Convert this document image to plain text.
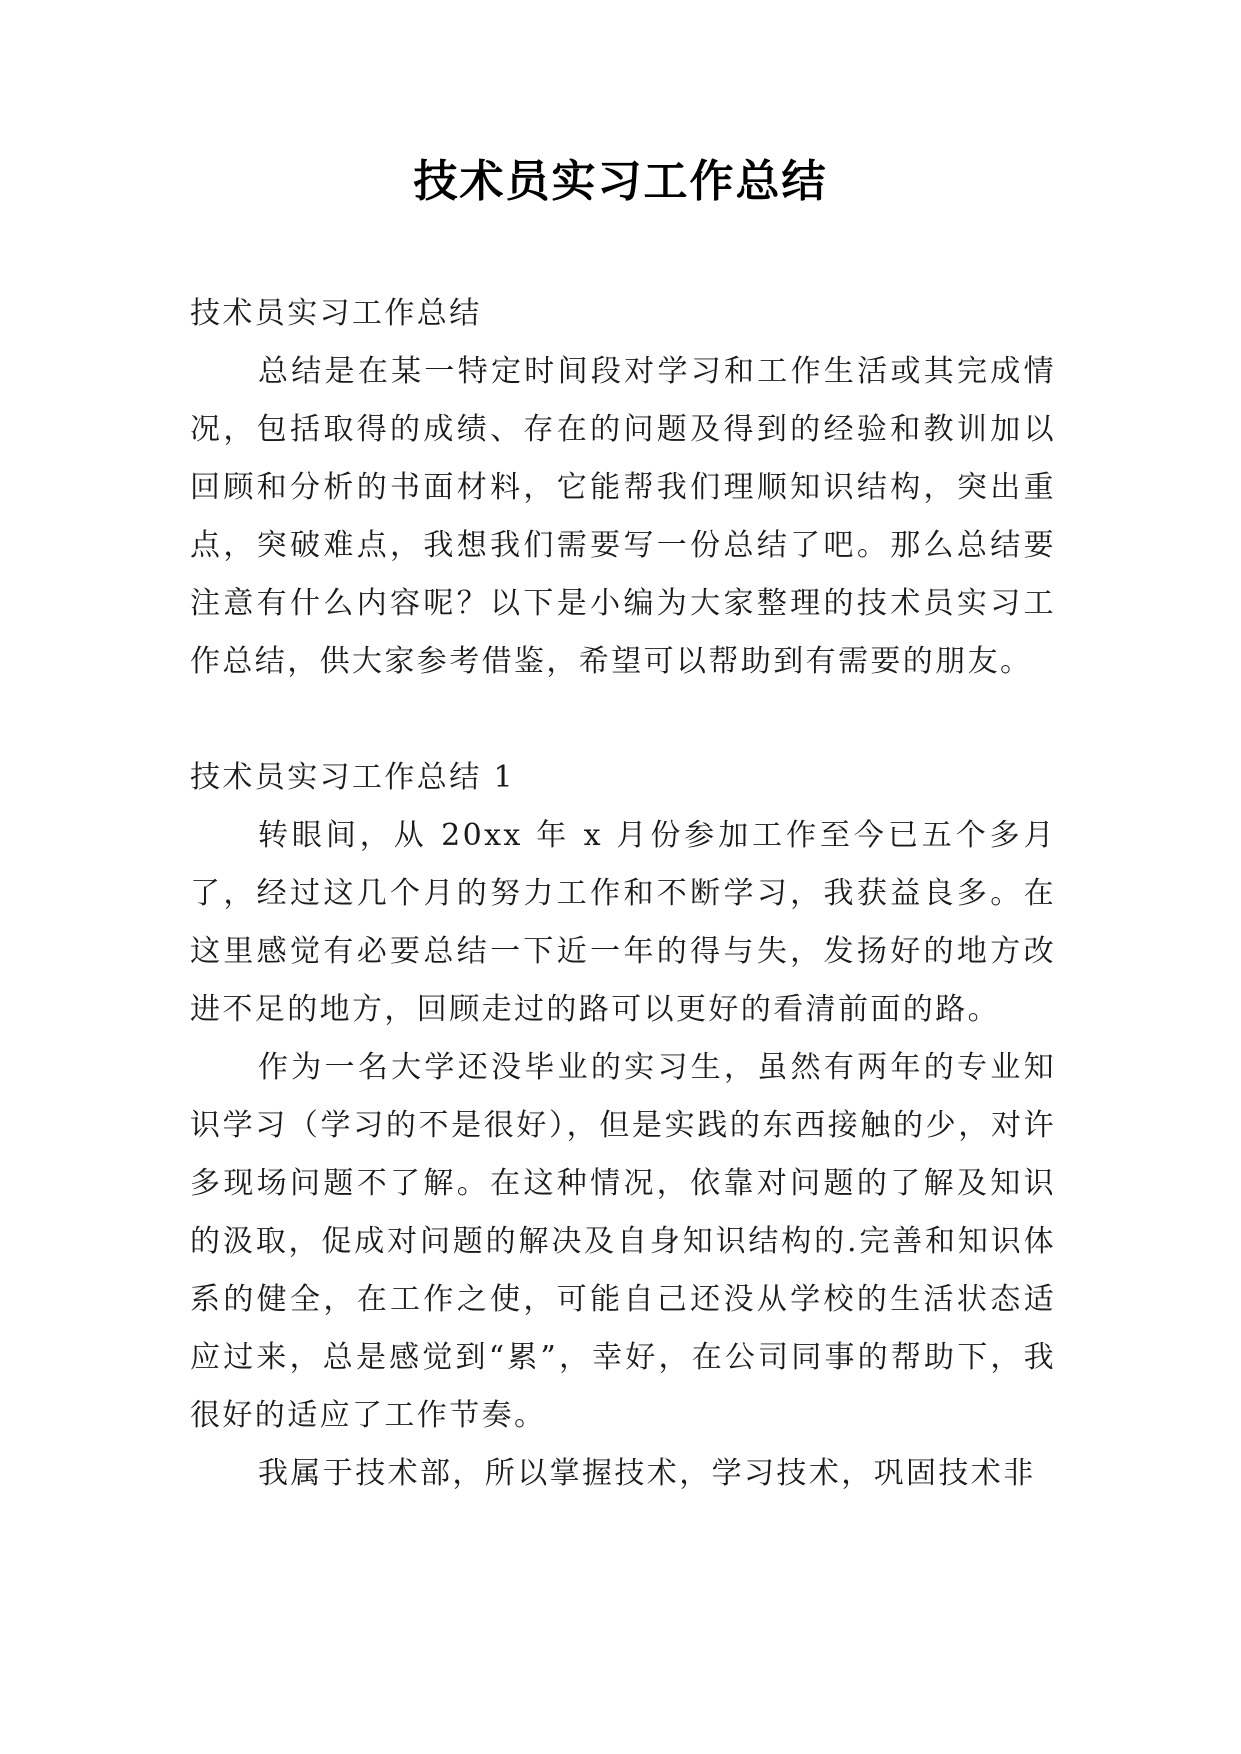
技术员实习工作总结

技术员实习工作总结

总结是在某一特定时间段对学习和工作生活或其完成情况，包括取得的成绩、存在的问题及得到的经验和教训加以回顾和分析的书面材料，它能帮我们理顺知识结构，突出重点，突破难点，我想我们需要写一份总结了吧。那么总结要注意有什么内容呢？以下是小编为大家整理的技术员实习工作总结，供大家参考借鉴，希望可以帮助到有需要的朋友。

技术员实习工作总结 1

转眼间，从 20xx 年 x 月份参加工作至今已五个多月了，经过这几个月的努力工作和不断学习，我获益良多。在这里感觉有必要总结一下近一年的得与失，发扬好的地方改进不足的地方，回顾走过的路可以更好的看清前面的路。

作为一名大学还没毕业的实习生，虽然有两年的专业知识学习（学习的不是很好），但是实践的东西接触的少，对许多现场问题不了解。在这种情况，依靠对问题的了解及知识的汲取，促成对问题的解决及自身知识结构的.完善和知识体系的健全，在工作之使，可能自己还没从学校的生活状态适应过来，总是感觉到“累”，幸好，在公司同事的帮助下，我很好的适应了工作节奏。

我属于技术部，所以掌握技术，学习技术，巩固技术非
